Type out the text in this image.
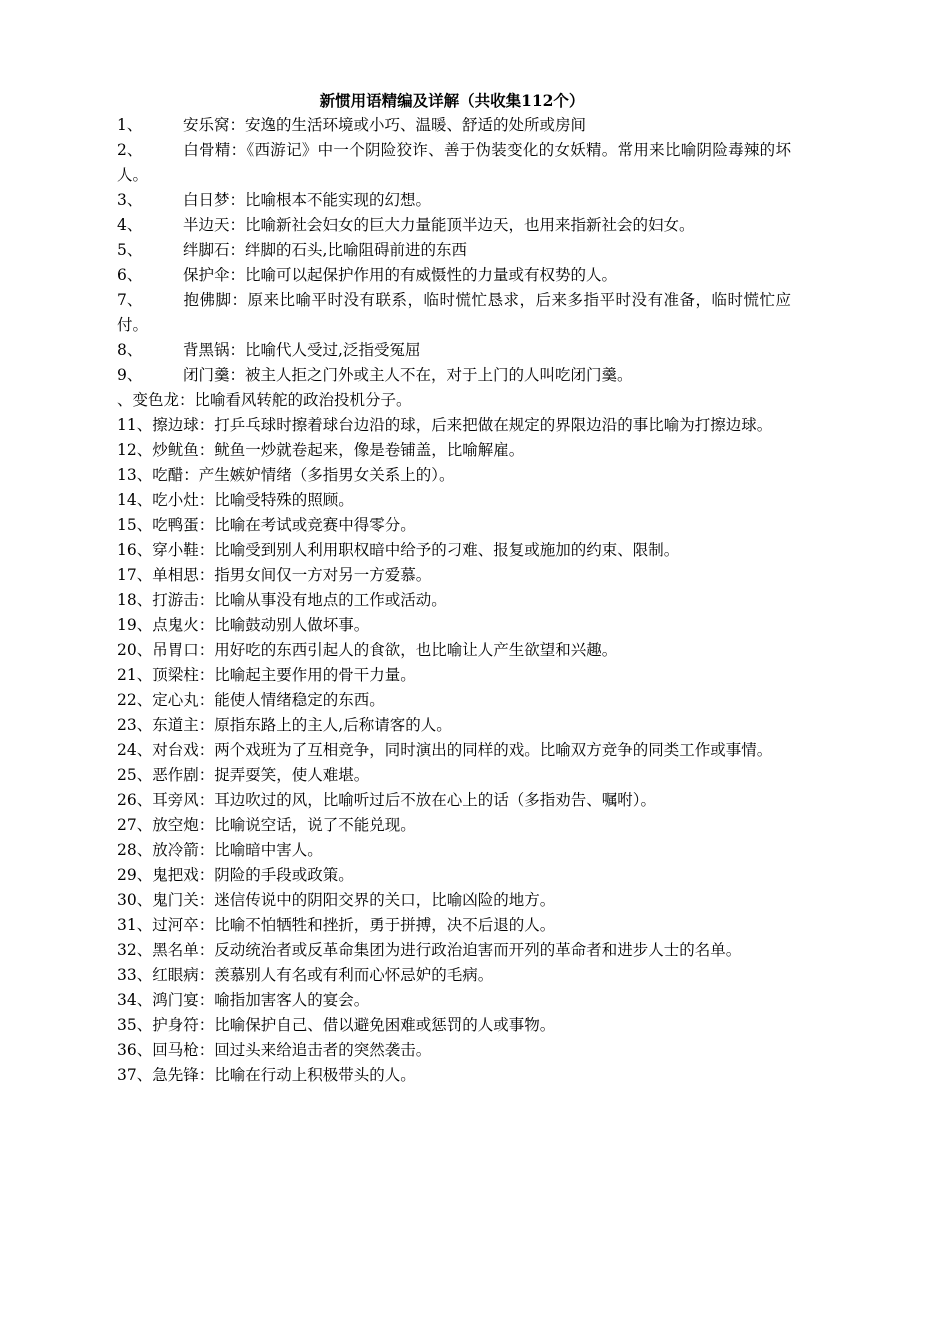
新惯用语精编及详解（共收集112个）
1、	安乐窝：安逸的生活环境或小巧、温暖、舒适的处所或房间
2、	白骨精：《西游记》中一个阴险狡诈、善于伪装变化的女妖精。常用来比喻阴险毒辣的坏人。
3、	白日梦：比喻根本不能实现的幻想。
4、	半边天：比喻新社会妇女的巨大力量能顶半边天，也用来指新社会的妇女。
5、	绊脚石：绊脚的石头,比喻阻碍前进的东西
6、	保护伞：比喻可以起保护作用的有威慑性的力量或有权势的人。
7、	抱佛脚：原来比喻平时没有联系，临时慌忙恳求，后来多指平时没有准备，临时慌忙应付。
8、	背黑锅：比喻代人受过,泛指受冤屈
9、	闭门羹：被主人拒之门外或主人不在，对于上门的人叫吃闭门羹。
、变色龙：比喻看风转舵的政治投机分子。
11、擦边球：打乒乓球时擦着球台边沿的球，后来把做在规定的界限边沿的事比喻为打擦边球。
12、炒鱿鱼：鱿鱼一炒就卷起来，像是卷铺盖，比喻解雇。
13、吃醋：产生嫉妒情绪（多指男女关系上的）。
14、吃小灶：比喻受特殊的照顾。
15、吃鸭蛋：比喻在考试或竞赛中得零分。
16、穿小鞋：比喻受到别人利用职权暗中给予的刁难、报复或施加的约束、限制。
17、单相思：指男女间仅一方对另一方爱慕。
18、打游击：比喻从事没有地点的工作或活动。
19、点鬼火：比喻鼓动别人做坏事。
20、吊胃口：用好吃的东西引起人的食欲，也比喻让人产生欲望和兴趣。
21、顶梁柱：比喻起主要作用的骨干力量。
22、定心丸：能使人情绪稳定的东西。
23、东道主：原指东路上的主人,后称请客的人。
24、对台戏：两个戏班为了互相竞争，同时演出的同样的戏。比喻双方竞争的同类工作或事情。
25、恶作剧：捉弄耍笑，使人难堪。
26、耳旁风：耳边吹过的风，比喻听过后不放在心上的话（多指劝告、嘱咐）。
27、放空炮：比喻说空话，说了不能兑现。
28、放冷箭：比喻暗中害人。
29、鬼把戏：阴险的手段或政策。
30、鬼门关：迷信传说中的阴阳交界的关口，比喻凶险的地方。
31、过河卒：比喻不怕牺牲和挫折，勇于拼搏，决不后退的人。
32、黑名单：反动统治者或反革命集团为进行政治迫害而开列的革命者和进步人士的名单。
33、红眼病：羡慕别人有名或有利而心怀忌妒的毛病。
34、鸿门宴：喻指加害客人的宴会。
35、护身符：比喻保护自己、借以避免困难或惩罚的人或事物。
36、回马枪：回过头来给追击者的突然袭击。
37、急先锋：比喻在行动上积极带头的人。
